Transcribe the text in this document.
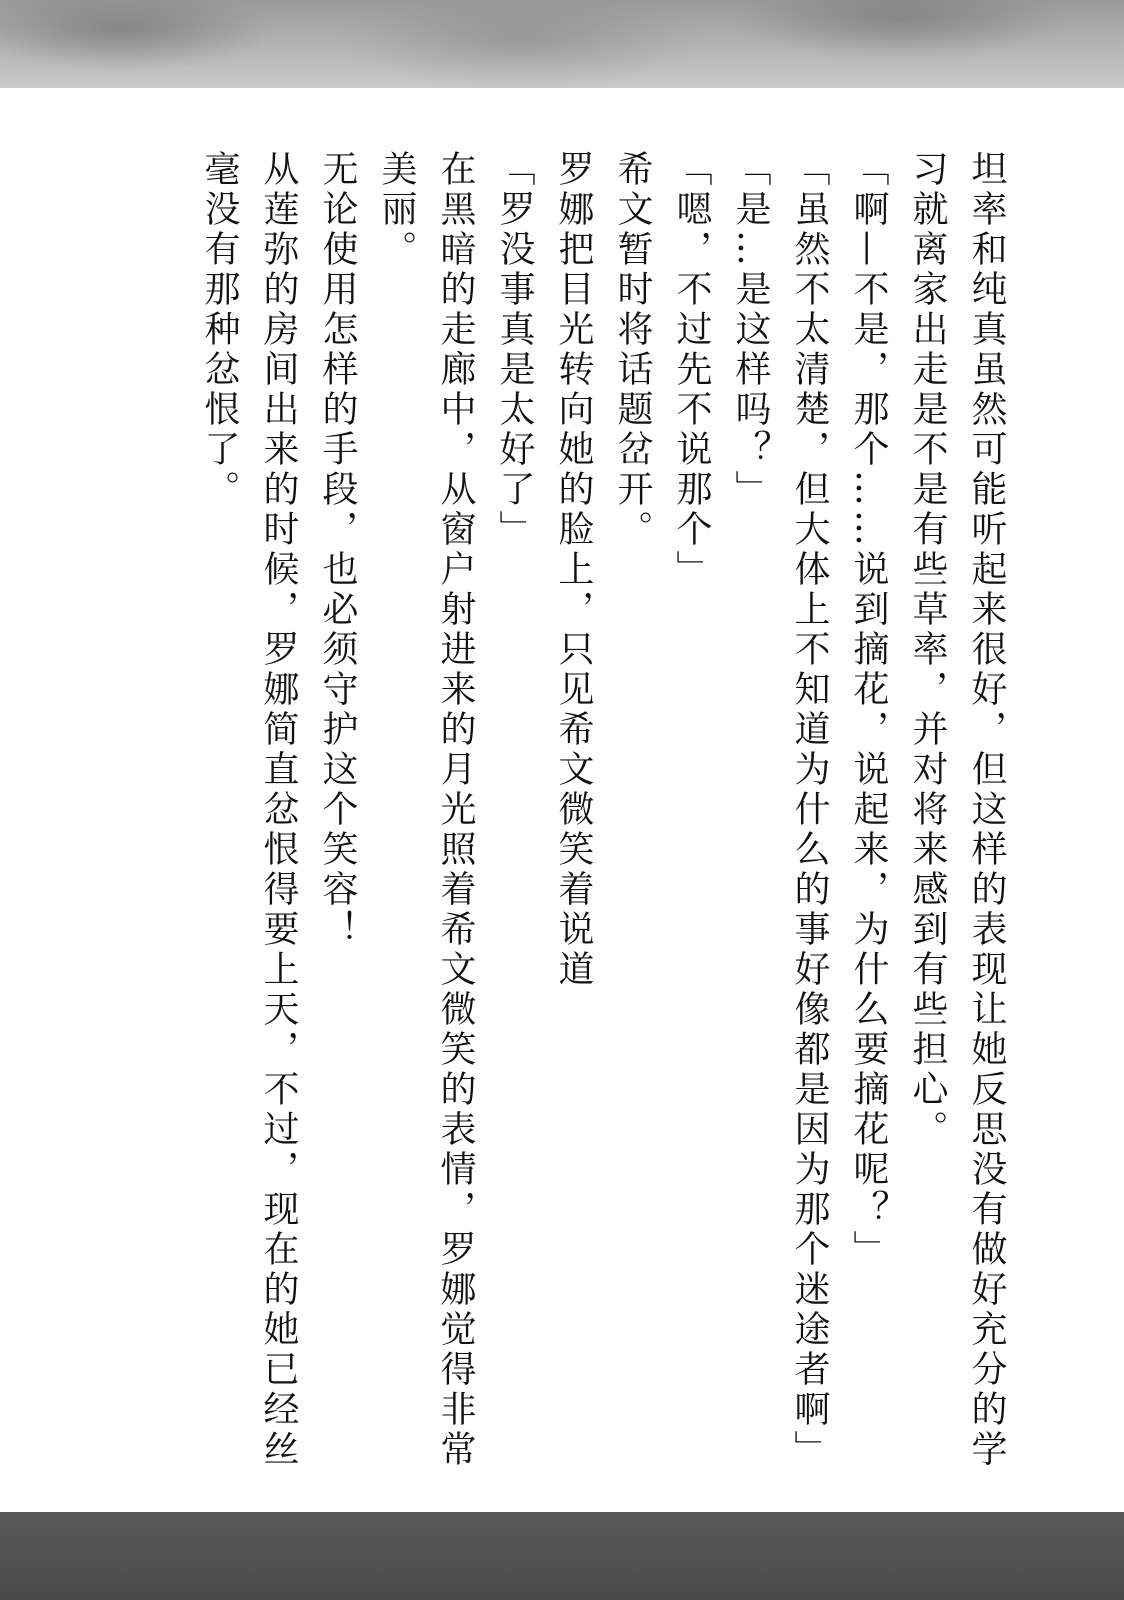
坦率和纯真虽然可能听起来很好，但这样的表现让她反思没有做好充分的学习就离家出走是不是有些草率，并对将来感到有些担心。

「啊—不是，那个……说到摘花，说起来，为什么要摘花呢？」

「虽然不太清楚，但大体上不知道为什么的事好像都是因为那个迷途者啊」

「是…是这样吗？」

「嗯，不过先不说那个」

希文暂时将话题岔开。

罗娜把目光转向她的脸上，只见希文微笑着说道

「罗没事真是太好了」

在黑暗的走廊中，从窗户射进来的月光照着希文微笑的表情，罗娜觉得非常美丽。

无论使用怎样的手段，也必须守护这个笑容！

从莲弥的房间出来的时候，罗娜简直忿恨得要上天，不过，现在的她已经丝毫没有那种忿恨了。
